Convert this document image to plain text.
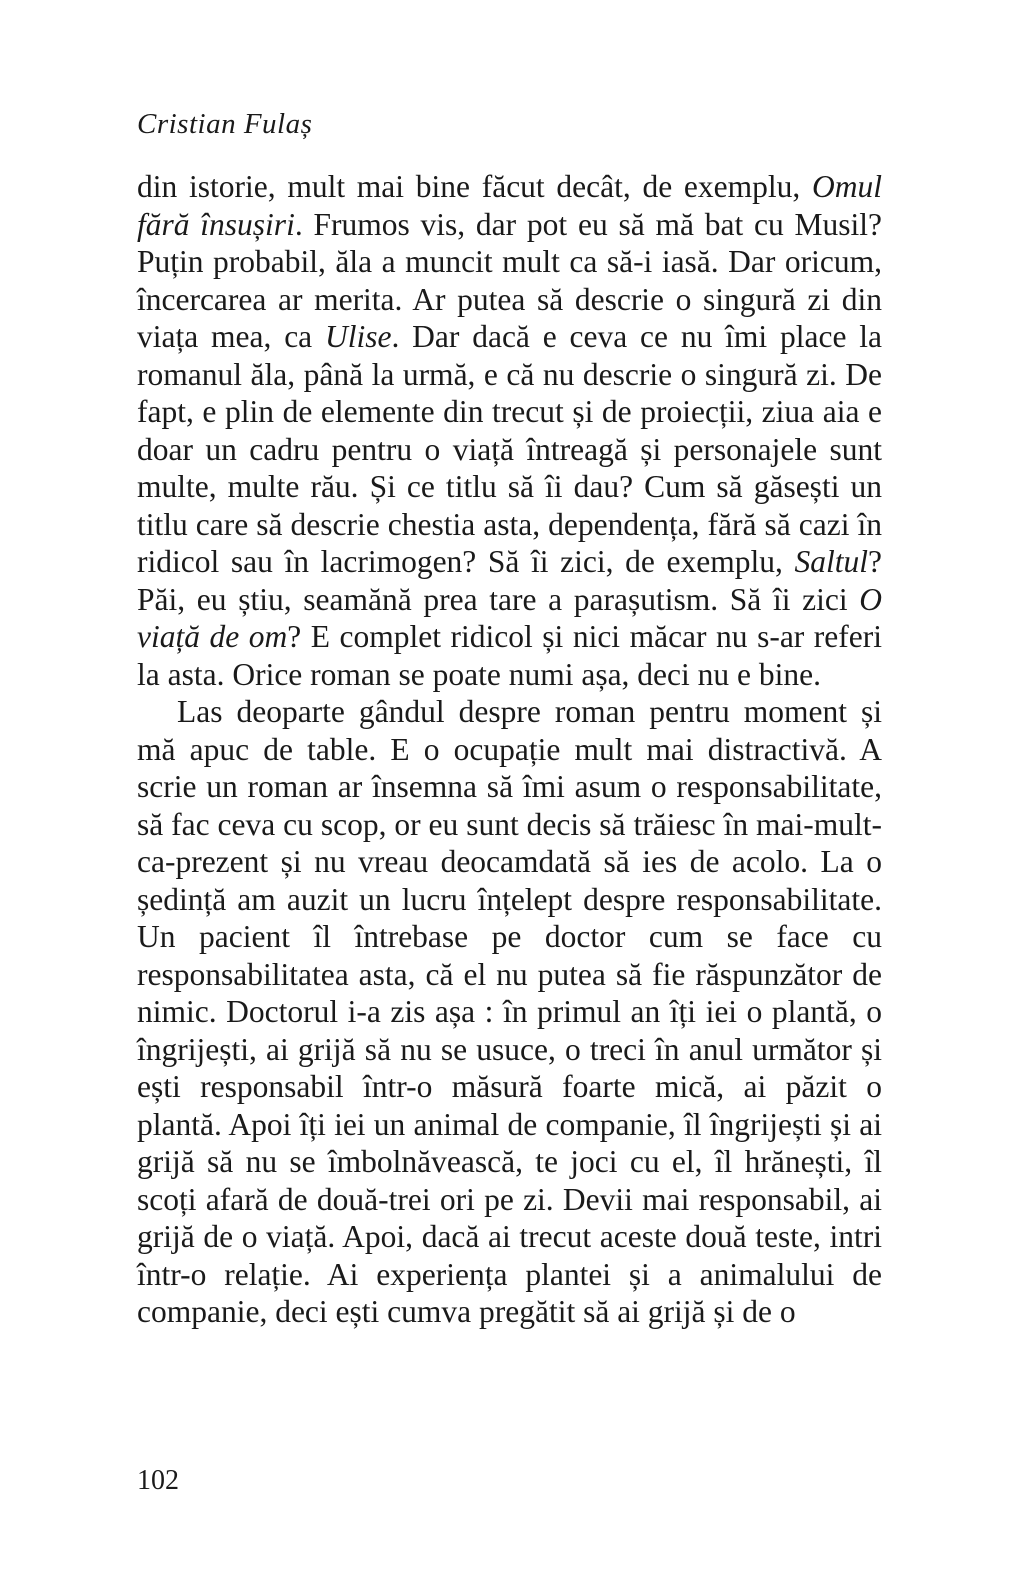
Cristian Fulaș

din istorie, mult mai bine făcut decât, de exemplu, Omul fără însușiri. Frumos vis, dar pot eu să mă bat cu Musil? Puțin probabil, ăla a muncit mult ca să-i iasă. Dar oricum, încercarea ar merita. Ar putea să descrie o singură zi din viața mea, ca Ulise. Dar dacă e ceva ce nu îmi place la romanul ăla, până la urmă, e că nu descrie o singură zi. De fapt, e plin de elemente din trecut și de proiecții, ziua aia e doar un cadru pentru o viață întreagă și personajele sunt multe, multe rău. Și ce titlu să îi dau? Cum să găsești un titlu care să descrie chestia asta, dependența, fără să cazi în ridicol sau în lacrimogen? Să îi zici, de exemplu, Saltul? Păi, eu știu, seamănă prea tare a parașutism. Să îi zici O viață de om? E complet ridicol și nici măcar nu s-ar referi la asta. Orice roman se poate numi așa, deci nu e bine.

Las deoparte gândul despre roman pentru moment și mă apuc de table. E o ocupație mult mai distractivă. A scrie un roman ar însemna să îmi asum o responsabilitate, să fac ceva cu scop, or eu sunt decis să trăiesc în mai-mult-ca-prezent și nu vreau deocamdată să ies de acolo. La o ședință am auzit un lucru înțelept despre responsabilitate. Un pacient îl întrebase pe doctor cum se face cu responsabilitatea asta, că el nu putea să fie răspunzător de nimic. Doctorul i-a zis așa : în primul an îți iei o plantă, o îngrijești, ai grijă să nu se usuce, o treci în anul următor și ești responsabil într-o măsură foarte mică, ai păzit o plantă. Apoi îți iei un animal de companie, îl îngrijești și ai grijă să nu se îmbolnăvească, te joci cu el, îl hrănești, îl scoți afară de două-trei ori pe zi. Devii mai responsabil, ai grijă de o viață. Apoi, dacă ai trecut aceste două teste, intri într-o relație. Ai experiența plantei și a animalului de companie, deci ești cumva pregătit să ai grijă și de o

102
